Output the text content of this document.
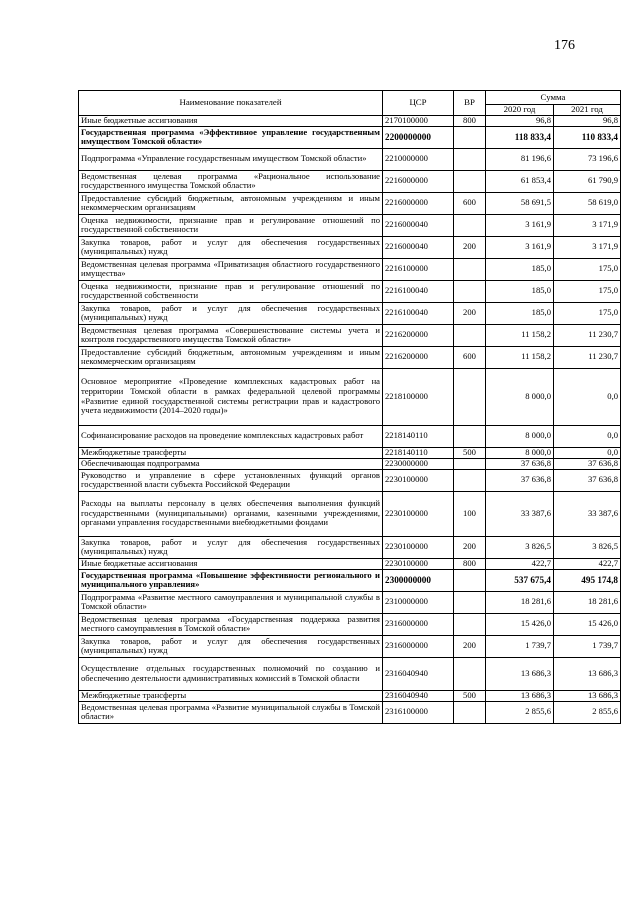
176
Наименование показателей	ЦСР	ВР	Сумма	
			2020 год	2021 год
Иные бюджетные ассигнования	2170100000	800	96,8	96,8
Государственная программа «Эффективное управление государственным имуществом Томской области»	2200000000		118 833,4	110 833,4
Подпрограмма «Управление государственным имуществом Томской области»	2210000000		81 196,6	73 196,6
Ведомственная целевая программа «Рациональное использование государственного имущества Томской области»	2216000000		61 853,4	61 790,9
Предоставление субсидий бюджетным, автономным учреждениям и иным некоммерческим организациям	2216000000	600	58 691,5	58 619,0
Оценка недвижимости, признание прав и регулирование отношений по государственной собственности	2216000040		3 161,9	3 171,9
Закупка товаров, работ и услуг для обеспечения государственных (муниципальных) нужд	2216000040	200	3 161,9	3 171,9
Ведомственная целевая программа «Приватизация областного государственного имущества»	2216100000		185,0	175,0
Оценка недвижимости, признание прав и регулирование отношений по государственной собственности	2216100040		185,0	175,0
Закупка товаров, работ и услуг для обеспечения государственных (муниципальных) нужд	2216100040	200	185,0	175,0
Ведомственная целевая программа «Совершенствование системы учета и контроля государственного имущества Томской области»	2216200000		11 158,2	11 230,7
Предоставление субсидий бюджетным, автономным учреждениям и иным некоммерческим организациям	2216200000	600	11 158,2	11 230,7
Основное мероприятие «Проведение комплексных кадастровых работ на территории Томской области в рамках федеральной целевой программы «Развитие единой государственной системы регистрации прав и кадастрового учета недвижимости (2014–2020 годы)»	2218100000		8 000,0	0,0
Софинансирование расходов на проведение комплексных кадастровых работ	2218140110		8 000,0	0,0
Межбюджетные трансферты	2218140110	500	8 000,0	0,0
Обеспечивающая подпрограмма	2230000000		37 636,8	37 636,8
Руководство и управление в сфере установленных функций органов государственной власти субъекта Российской Федерации	2230100000		37 636,8	37 636,8
Расходы на выплаты персоналу в целях обеспечения выполнения функций государственными (муниципальными) органами, казенными учреждениями, органами управления государственными внебюджетными фондами	2230100000	100	33 387,6	33 387,6
Закупка товаров, работ и услуг для обеспечения государственных (муниципальных) нужд	2230100000	200	3 826,5	3 826,5
Иные бюджетные ассигнования	2230100000	800	422,7	422,7
Государственная программа «Повышение эффективности регионального и муниципального управления»	2300000000		537 675,4	495 174,8
Подпрограмма «Развитие местного самоуправления и муниципальной службы в Томской области»	2310000000		18 281,6	18 281,6
Ведомственная целевая программа «Государственная поддержка развития местного самоуправления в Томской области»	2316000000		15 426,0	15 426,0
Закупка товаров, работ и услуг для обеспечения государственных (муниципальных) нужд	2316000000	200	1 739,7	1 739,7
Осуществление отдельных государственных полномочий по созданию и обеспечению деятельности административных комиссий в Томской области	2316040940		13 686,3	13 686,3
Межбюджетные трансферты	2316040940	500	13 686,3	13 686,3
Ведомственная целевая программа «Развитие муниципальной службы в Томской области»	2316100000		2 855,6	2 855,6
